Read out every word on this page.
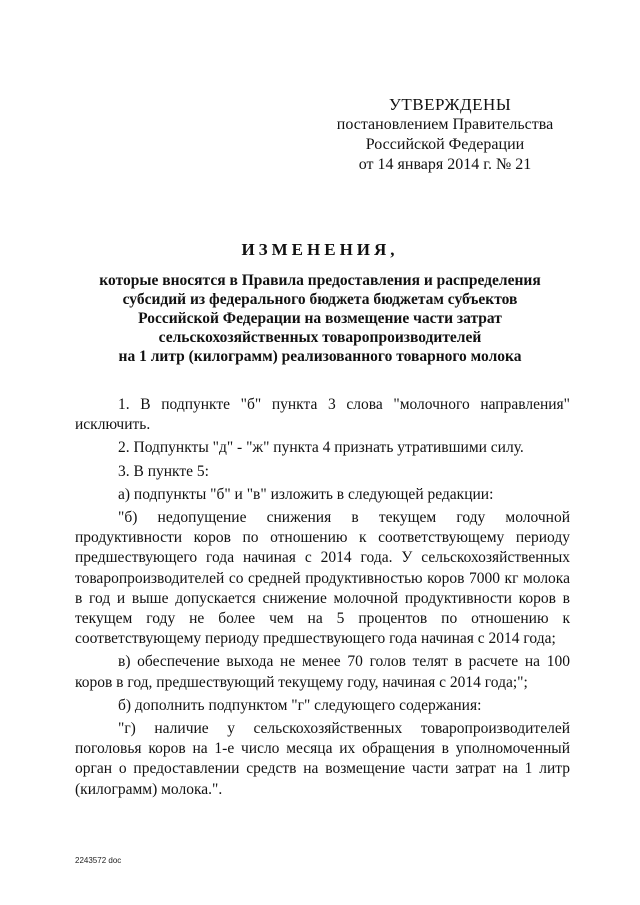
УТВЕРЖДЕНЫ
постановлением Правительства
Российской Федерации
от 14 января 2014 г. № 21
ИЗМЕНЕНИЯ,
которые вносятся в Правила предоставления и распределения
субсидий из федерального бюджета бюджетам субъектов
Российской Федерации на возмещение части затрат
сельскохозяйственных товаропроизводителей
на 1 литр (килограмм) реализованного товарного молока

1. В подпункте "б" пункта 3 слова "молочного направления" исключить.

2. Подпункты "д" - "ж" пункта 4 признать утратившими силу.

3. В пункте 5:

а) подпункты "б" и "в" изложить в следующей редакции:

"б) недопущение снижения в текущем году молочной продуктивности коров по отношению к соответствующему периоду предшествующего года начиная с 2014 года. У сельскохозяйственных товаропроизводителей со средней продуктивностью коров 7000 кг молока в год и выше допускается снижение молочной продуктивности коров в текущем году не более чем на 5 процентов по отношению к соответствующему периоду предшествующего года начиная с 2014 года;

в) обеспечение выхода не менее 70 голов телят в расчете на 100 коров в год, предшествующий текущему году, начиная с 2014 года;";

б) дополнить подпунктом "г" следующего содержания:

"г) наличие у сельскохозяйственных товаропроизводителей поголовья коров на 1-е число месяца их обращения в уполномоченный орган о предоставлении средств на возмещение части затрат на 1 литр (килограмм) молока.".

2243572 doc
